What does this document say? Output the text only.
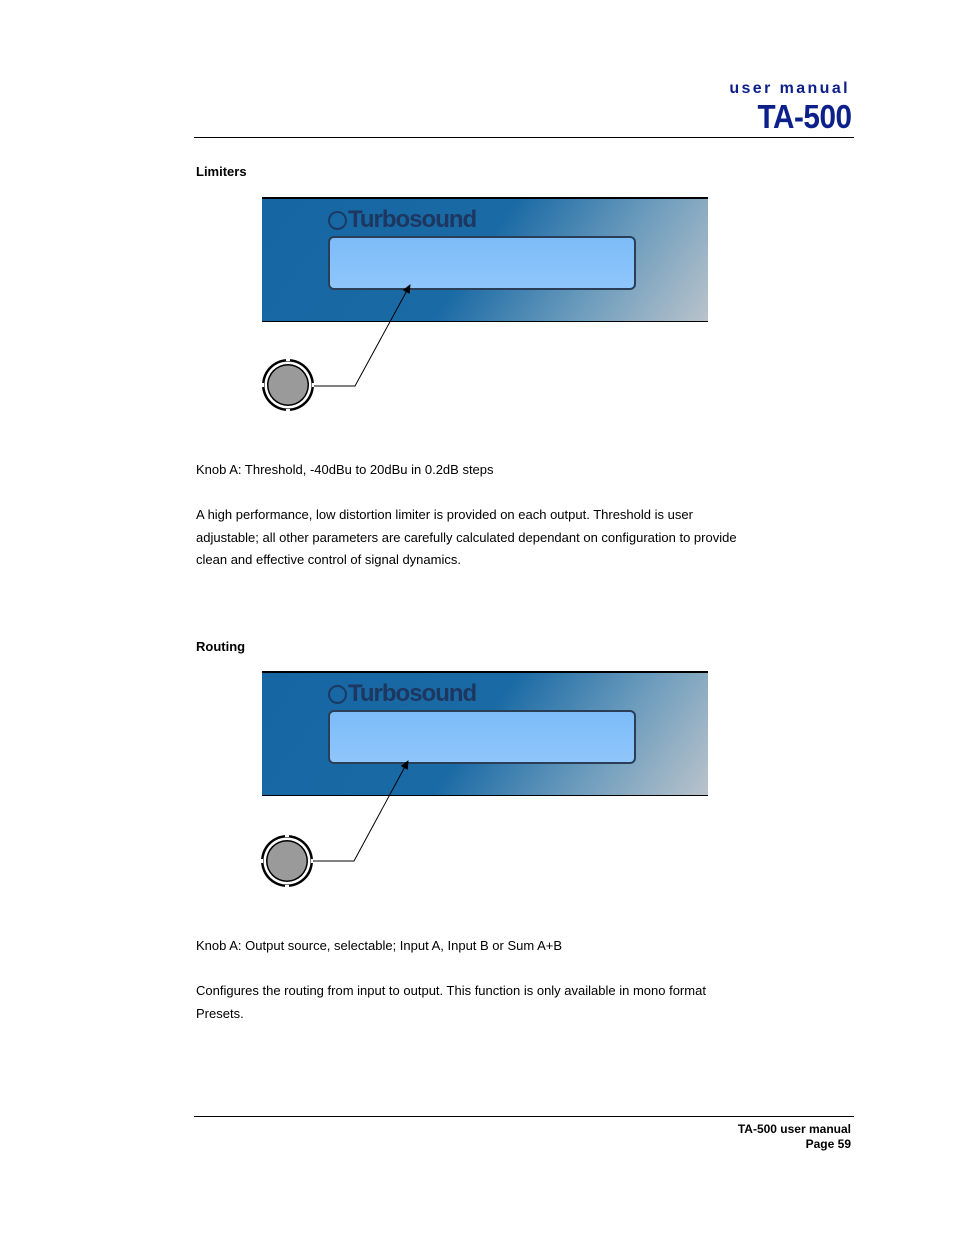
user manual
TA-500
Limiters
Turbosound
Knob A: Threshold, -40dBu to 20dBu in 0.2dB steps
A high performance, low distortion limiter is provided on each output. Threshold is user adjustable; all other parameters are carefully calculated dependant on configuration to provide clean and effective control of signal dynamics.
Routing
Turbosound
Knob A: Output source, selectable; Input A, Input B or Sum A+B
Configures the routing from input to output. This function is only available in mono format Presets.
TA-500 user manual
Page 59
